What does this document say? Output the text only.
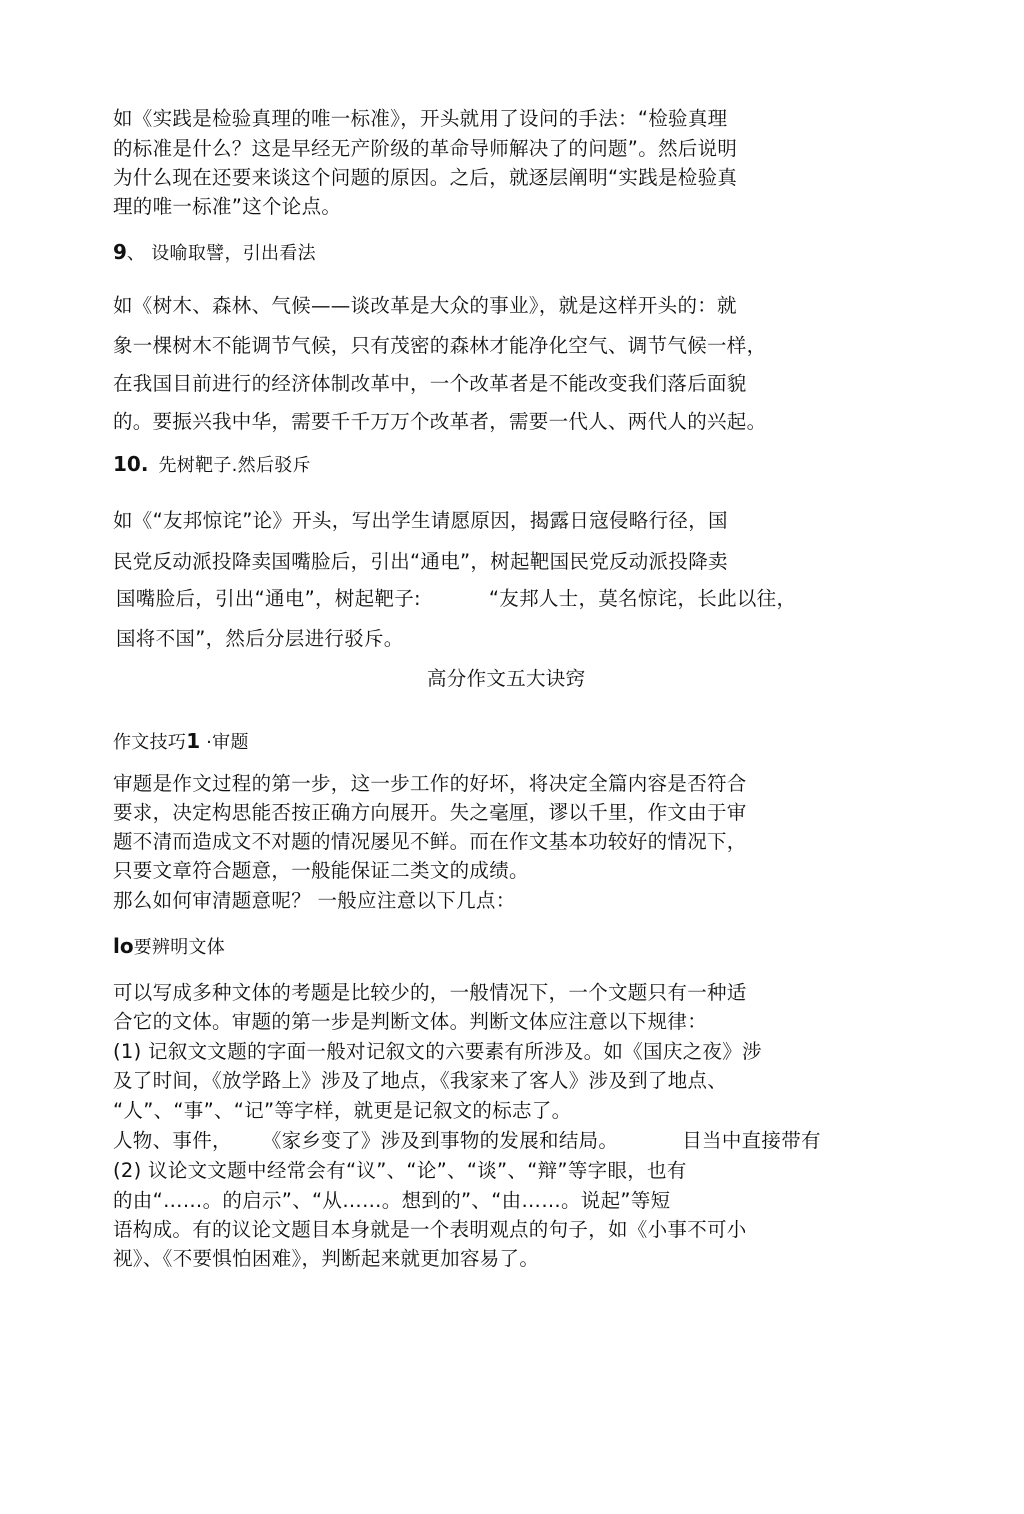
如《实践是检验真理的唯一标准》，开头就用了设问的手法：“检验真理

的标准是什么？这是早经无产阶级的革命导师解决了的问题”。然后说明

为什么现在还要来谈这个问题的原因。之后，就逐层阐明“实践是检验真

理的唯一标准”这个论点。

9、 设喻取譬，引出看法

如《树木、森林、气候——谈改革是大众的事业》，就是这样开头的：就

象一棵树木不能调节气候，只有茂密的森林才能净化空气、调节气候一样，

在我国目前进行的经济体制改革中，一个改革者是不能改变我们落后面貌

的。要振兴我中华，需要千千万万个改革者，需要一代人、两代人的兴起。

10. 先树靶子.然后驳斥

如《“友邦惊诧”论》开头，写出学生请愿原因，揭露日寇侵略行径，国

民党反动派投降卖国嘴脸后，引出“通电”，树起靶国民党反动派投降卖

国嘴脸后，引出“通电”，树起靶子:	“友邦人士，莫名惊诧，长此以往，

国将不国”，然后分层进行驳斥。

高分作文五大诀窍

作文技巧1 ·审题

审题是作文过程的第一步，这一步工作的好坏，将决定全篇内容是否符合

要求，决定构思能否按正确方向展开。失之毫厘，谬以千里，作文由于审

题不清而造成文不对题的情况屡见不鲜。而在作文基本功较好的情况下，

只要文章符合题意，一般能保证二类文的成绩。

那么如何审清题意呢？ 一般应注意以下几点：

lo要辨明文体

可以写成多种文体的考题是比较少的，一般情况下，一个文题只有一种适

合它的文体。审题的第一步是判断文体。判断文体应注意以下规律：

(1) 记叙文文题的字面一般对记叙文的六要素有所涉及。如《国庆之夜》涉

及了时间，《放学路上》涉及了地点，《我家来了客人》涉及到了地点、

“人”、“事”、“记”等字样，就更是记叙文的标志了。

人物、事件， 《家乡变了》涉及到事物的发展和结局。	目当中直接带有

(2) 议论文文题中经常会有“议”、“论”、“谈”、“辩”等字眼，也有

的由“……。的启示”、“从……。想到的”、“由……。说起”等短

语构成。有的议论文题目本身就是一个表明观点的句子，如《小事不可小

视》、《不要惧怕困难》，判断起来就更加容易了。
